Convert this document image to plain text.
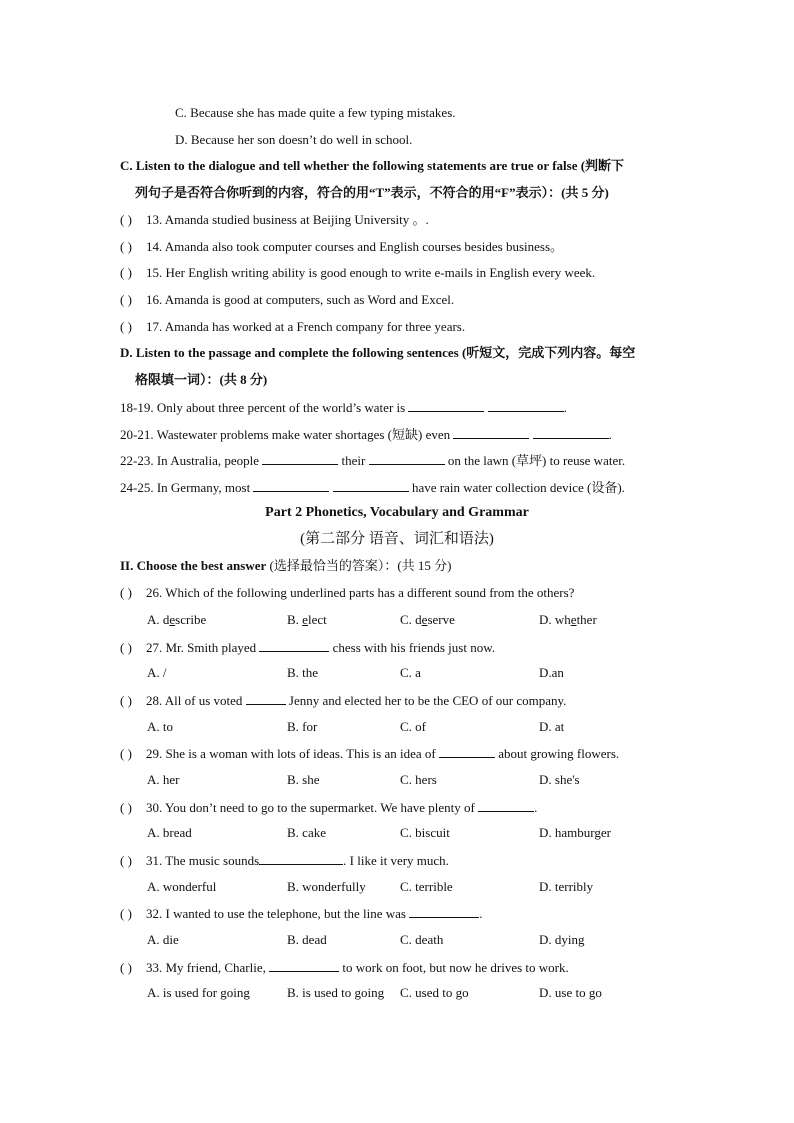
C. Because she has made quite a few typing mistakes.
D. Because her son doesn’t do well in school.
C. Listen to the dialogue and tell whether the following statements are true or false (判断下
列句子是否符合你听到的内容，符合的用“T”表示，不符合的用“F”表示）：(共 5 分)
( ) 13. Amanda studied business at Beijing University 。.
( ) 14. Amanda also took computer courses and English courses besides business。
( ) 15. Her English writing ability is good enough to write e-mails in English every week.
( ) 16. Amanda is good at computers, such as Word and Excel.
( ) 17. Amanda has worked at a French company for three years.
D. Listen to the passage and complete the following sentences (听短文，完成下列内容。每空
格限填一词）：(共 8 分)
18-19. Only about three percent of the world’s water is	.
20-21. Wastewater problems make water shortages (短缺) even	.
22-23. In Australia, people	their	on the lawn (草坪) to reuse water.
24-25. In Germany, most	have rain water collection device (设备).
Part 2 Phonetics, Vocabulary and Grammar
(第二部分 语音、词汇和语法)
II. Choose the best answer (选择最恰当的答案）：(共 15 分)
( ) 26. Which of the following underlined parts has a different sound from the others?
A. describe	B. elect	C. deserve	D. whether
( ) 27. Mr. Smith played	chess with his friends just now.
A. /	B. the	C. a	D.an
( ) 28. All of us voted	Jenny and elected her to be the CEO of our company.
A. to	B. for	C. of	D. at
( ) 29. She is a woman with lots of ideas. This is an idea of	about growing flowers.
A. her	B. she	C. hers	D. she's
( ) 30. You don’t need to go to the supermarket. We have plenty of	.
A. bread	B. cake	C. biscuit	D. hamburger
( ) 31. The music sounds	. I like it very much.
A. wonderful	B. wonderfully	C. terrible	D. terribly
( ) 32. I wanted to use the telephone, but the line was	.
A. die	B. dead	C. death	D. dying
( ) 33. My friend, Charlie,	to work on foot, but now he drives to work.
A. is used for going	B. is used to going C. used to go	D. use to go
